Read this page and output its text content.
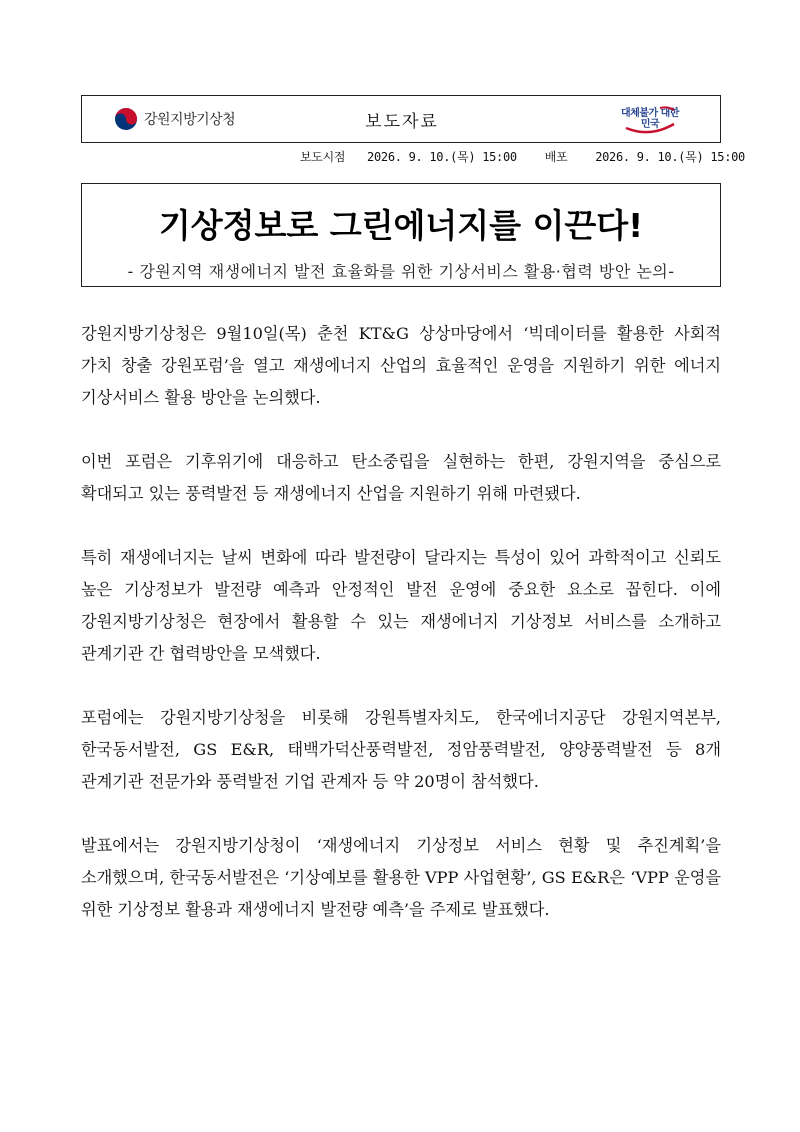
강원지방기상청	보도자료	대체불가 대한민국
보도시점 2026. 9. 10.(목) 15:00 배포 2026. 9. 10.(목) 15:00
기상정보로 그린에너지를 이끈다!
- 강원지역 재생에너지 발전 효율화를 위한 기상서비스 활용·협력 방안 논의-

강원지방기상청은 9월10일(목) 춘천 KT&G 상상마당에서 ‘빅데이터를 활용한 사회적 가치 창출 강원포럼’을 열고 재생에너지 산업의 효율적인 운영을 지원하기 위한 에너지 기상서비스 활용 방안을 논의했다.

이번 포럼은 기후위기에 대응하고 탄소중립을 실현하는 한편, 강원지역을 중심으로 확대되고 있는 풍력발전 등 재생에너지 산업을 지원하기 위해 마련됐다.

특히 재생에너지는 날씨 변화에 따라 발전량이 달라지는 특성이 있어 과학적이고 신뢰도 높은 기상정보가 발전량 예측과 안정적인 발전 운영에 중요한 요소로 꼽힌다. 이에 강원지방기상청은 현장에서 활용할 수 있는 재생에너지 기상정보 서비스를 소개하고 관계기관 간 협력방안을 모색했다.

포럼에는 강원지방기상청을 비롯해 강원특별자치도, 한국에너지공단 강원지역본부, 한국동서발전, GS E&R, 태백가덕산풍력발전, 정암풍력발전, 양양풍력발전 등 8개 관계기관 전문가와 풍력발전 기업 관계자 등 약 20명이 참석했다.

발표에서는 강원지방기상청이 ‘재생에너지 기상정보 서비스 현황 및 추진계획’을 소개했으며, 한국동서발전은 ‘기상예보를 활용한 VPP 사업현황’, GS E&R은 ‘VPP 운영을 위한 기상정보 활용과 재생에너지 발전량 예측’을 주제로 발표했다.
